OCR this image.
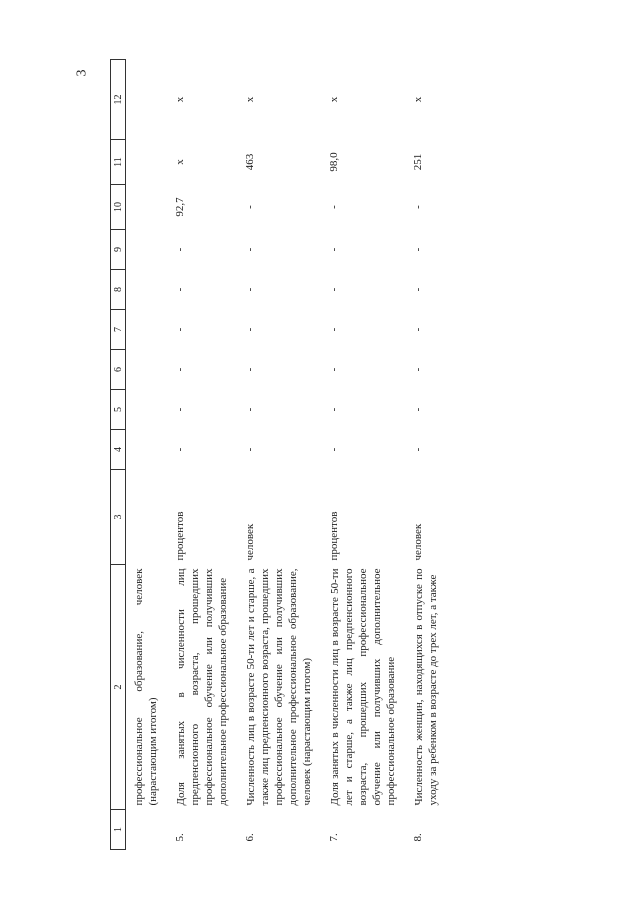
3
1	2	3	4	5	6	7	8	9	10	11	12
	профессиональное образование, человек (нарастающим итогом)										
5.	Доля занятых в численности лиц предпенсионного возраста, прошедших профессиональное обучение или получивших дополнительное профессиональное образование	процентов	-	-	-	-	-	-	92,7	x	x
6.	Численность лиц в возрасте 50-ти лет и старше, а также лиц предпенсионного возраста, прошедших профессиональное обучение или получивших дополнительное профессиональное образование, человек (нарастающим итогом)	человек	-	-	-	-	-	-	-	463	x
7.	Доля занятых в численности лиц в возрасте 50-ти лет и старше, а также лиц предпенсионного возраста, прошедших профессиональное обучение или получивших дополнительное профессиональное образование	процентов	-	-	-	-	-	-	-	98,0	x
8.	Численность женщин, находящихся в отпуске по уходу за ребенком в возрасте до трех лет, а также	человек	-	-	-	-	-	-	-	251	x
